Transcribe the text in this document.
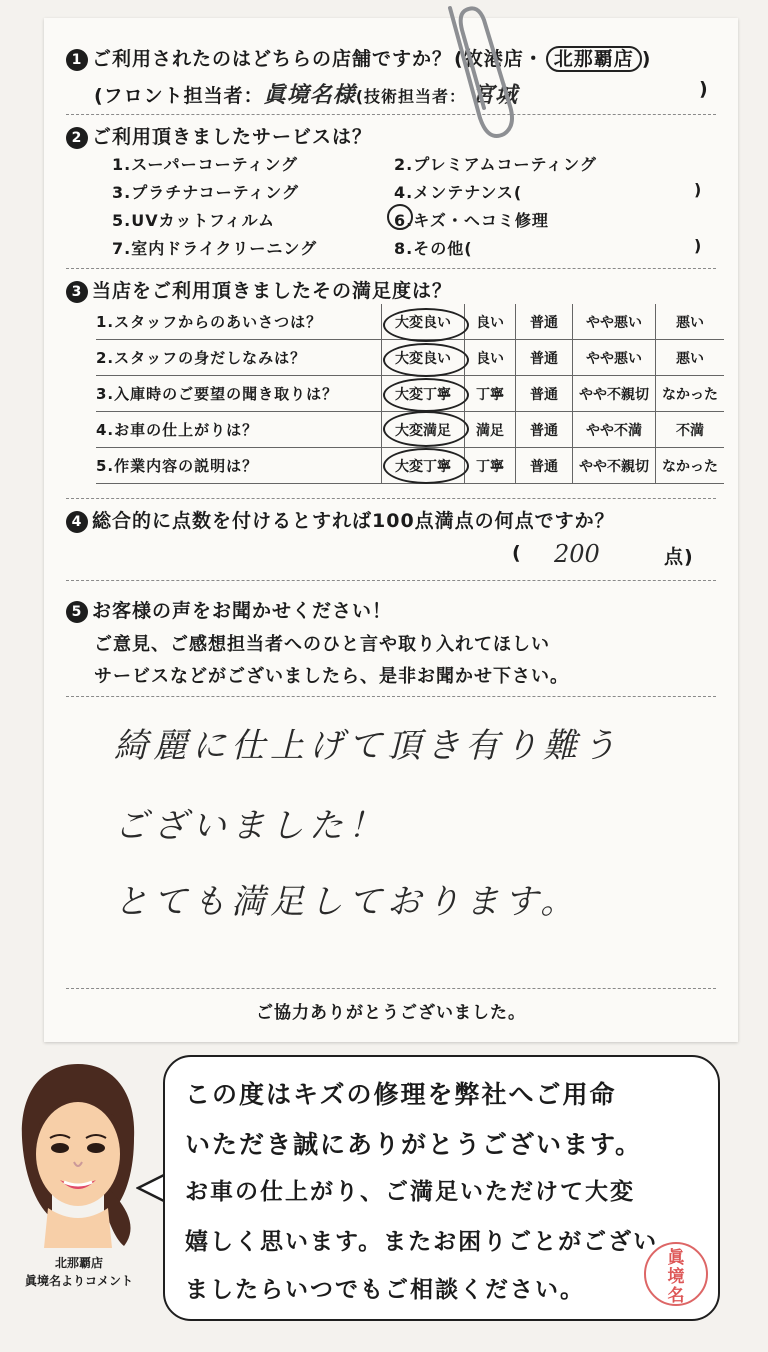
1 ご利用されたのはどちらの店舗ですか？ (牧港店・ 北那覇店 )
(フロント担当者：眞境名様(技術担当者： 宮城	)
2 ご利用頂きましたサービスは？
1.スーパーコーティング	2.プレミアムコーティング
3.プラチナコーティング	4.メンテナンス(	)
5.UVカットフィルム	6.キズ・ヘコミ修理
7.室内ドライクリーニング	8.その他(	)
3 当店をご利用頂きましたその満足度は？
1.スタッフからのあいさつは？	大変良い	良い	普通	やや悪い	悪い
2.スタッフの身だしなみは？	大変良い	良い	普通	やや悪い	悪い
3.入庫時のご要望の聞き取りは？	大変丁寧	丁寧	普通	やや不親切	なかった
4.お車の仕上がりは？	大変満足	満足	普通	やや不満	不満
5.作業内容の説明は？	大変丁寧	丁寧	普通	やや不親切	なかった
4 総合的に点数を付けるとすれば100点満点の何点ですか？
( 200	点)
5 お客様の声をお聞かせください！
ご意見、ご感想担当者へのひと言や取り入れてほしい
サービスなどがございましたら、是非お聞かせ下さい。
綺麗に仕上げて頂き有り難う
ございました！
とても満足しております。
ご協力ありがとうございました。
北那覇店
眞境名よりコメント
この度はキズの修理を弊社へご用命
いただき誠にありがとうございます。
お車の仕上がり、ご満足いただけて大変
嬉しく思います。またお困りごとがござい
ましたらいつでもご相談ください。
眞境名
